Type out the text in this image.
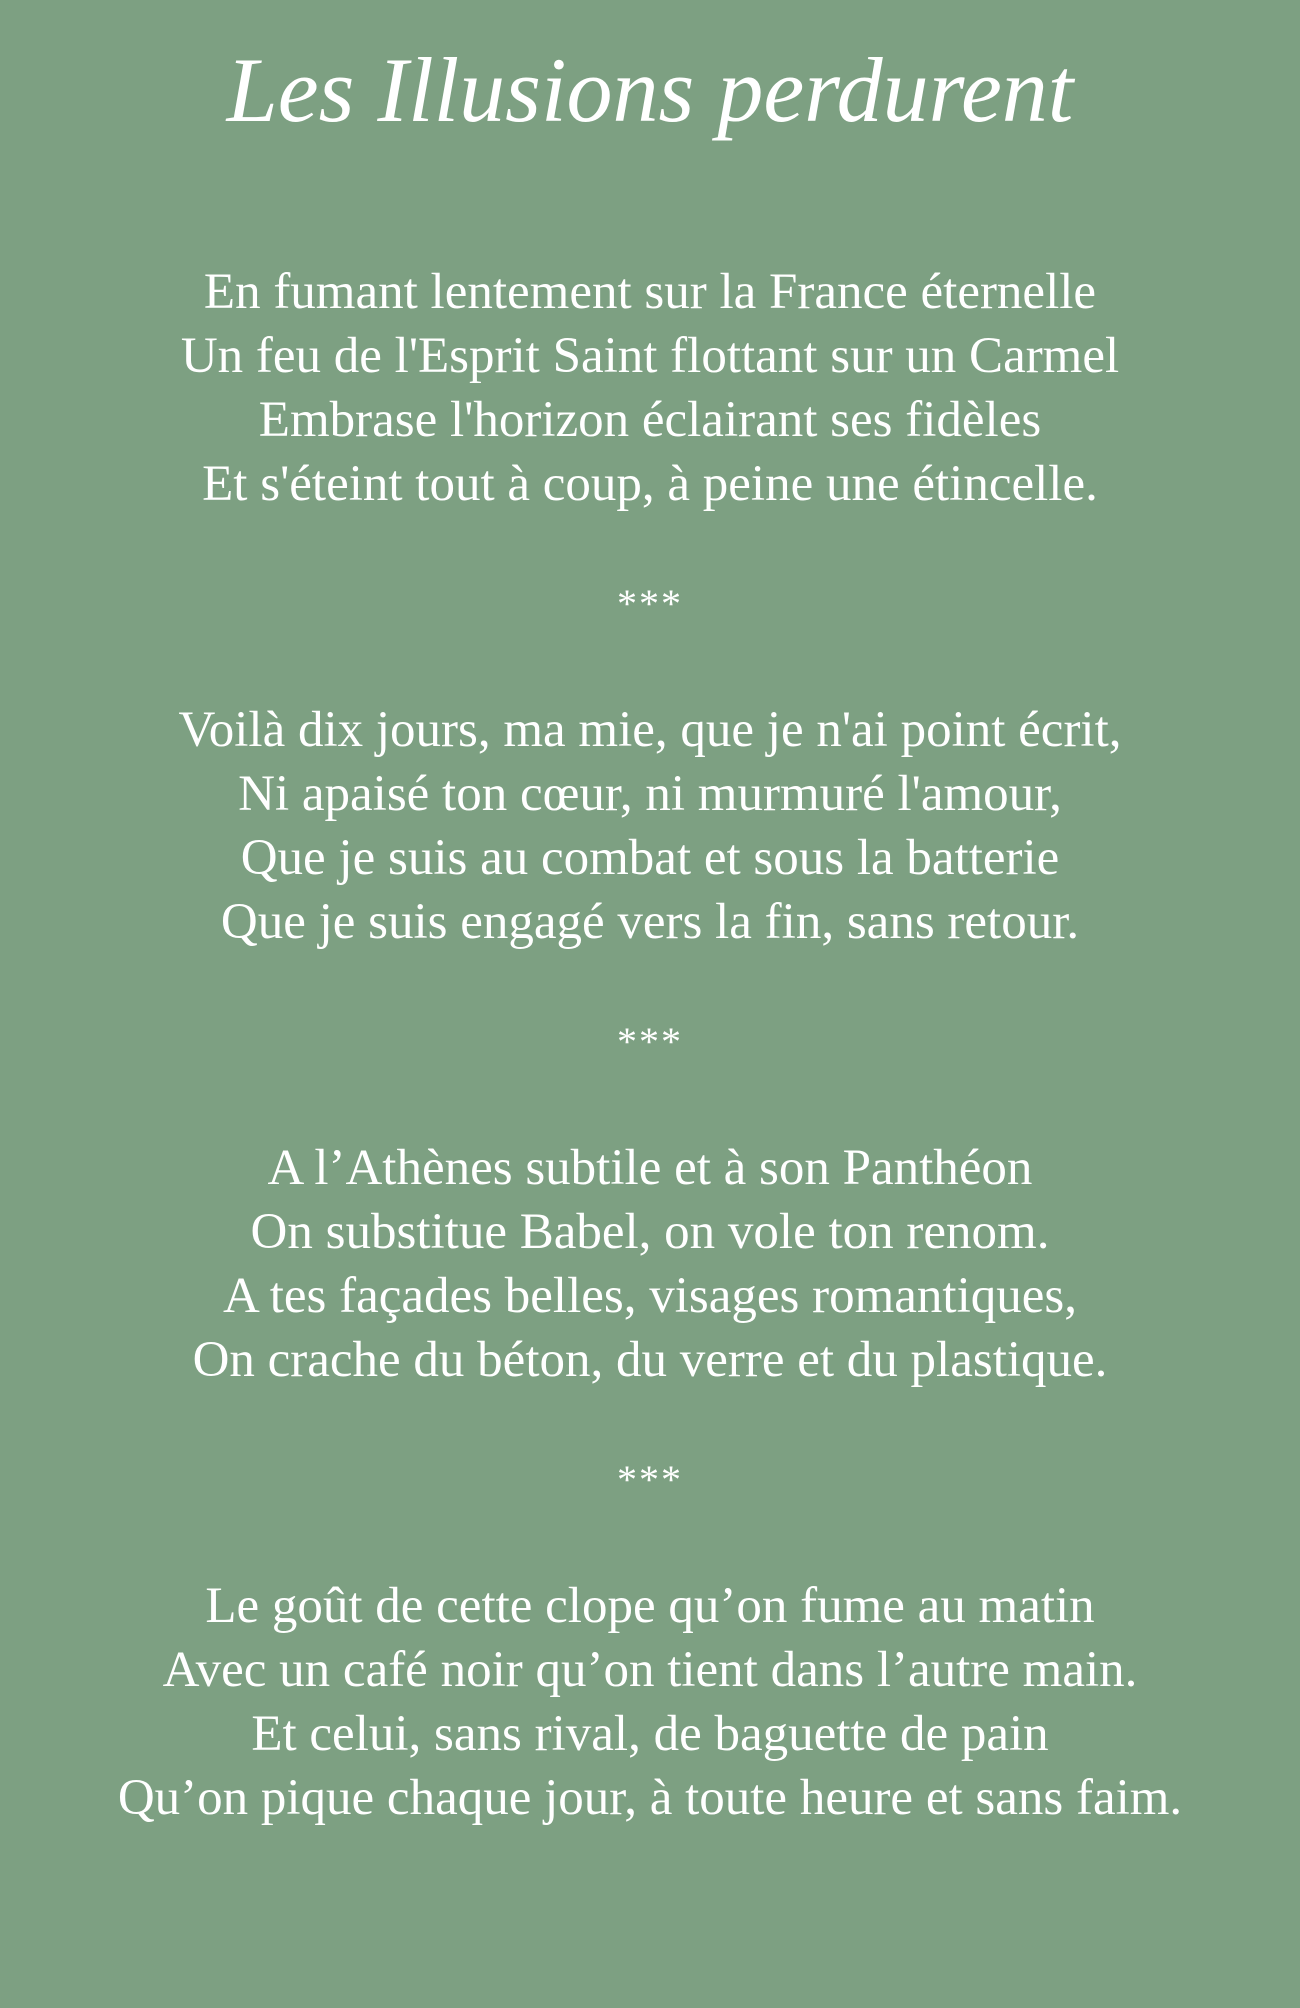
Les Illusions perdurent
En fumant lentement sur la France éternelle
Un feu de l'Esprit Saint flottant sur un Carmel
Embrase l'horizon éclairant ses fidèles
Et s'éteint tout à coup, à peine une étincelle.
***
Voilà dix jours, ma mie, que je n'ai point écrit,
Ni apaisé ton cœur, ni murmuré l'amour,
Que je suis au combat et sous la batterie
Que je suis engagé vers la fin, sans retour.
***
A l’Athènes subtile et à son Panthéon
On substitue Babel, on vole ton renom.
A tes façades belles, visages romantiques,
On crache du béton, du verre et du plastique.
***
Le goût de cette clope qu’on fume au matin
Avec un café noir qu’on tient dans l’autre main.
Et celui, sans rival, de baguette de pain
Qu’on pique chaque jour, à toute heure et sans faim.
